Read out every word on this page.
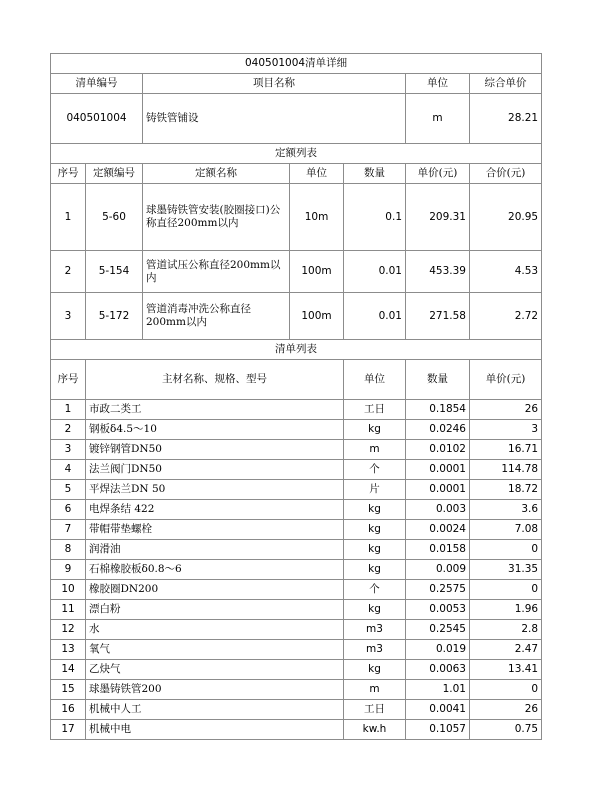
040501004清单详细							
清单编号		项目名称			单位	综合单价	
040501004		铸铁管铺设			m	28.21	
定额列表							
序号	定额编号	定额名称	单位	数量	单价(元)	合价(元)	
1	5-60	球墨铸铁管安装(胶圈接口)公称直径200mm以内	10m	0.1	209.31	20.95	
2	5-154	管道试压公称直径200mm以内	100m	0.01	453.39	4.53	
3	5-172	管道消毒冲洗公称直径200mm以内	100m	0.01	271.58	2.72	
清单列表							
序号	主材名称、规格、型号			单位	数量	单价(元)	
1	市政二类工			工日	0.1854	26	
2	钢板δ4.5～10			kg	0.0246	3	
3	镀锌钢管DN50			m	0.0102	16.71	
4	法兰阀门DN50			个	0.0001	114.78	
5	平焊法兰DN 50			片	0.0001	18.72	
6	电焊条结 422			kg	0.003	3.6	
7	带帽带垫螺栓			kg	0.0024	7.08	
8	润滑油			kg	0.0158	0	
9	石棉橡胶板δ0.8～6			kg	0.009	31.35	
10	橡胶圈DN200			个	0.2575	0	
11	漂白粉			kg	0.0053	1.96	
12	水			m3	0.2545	2.8	
13	氧气			m3	0.019	2.47	
14	乙炔气			kg	0.0063	13.41	
15	球墨铸铁管200			m	1.01	0	
16	机械中人工			工日	0.0041	26	
17	机械中电			kw.h	0.1057	0.75	
